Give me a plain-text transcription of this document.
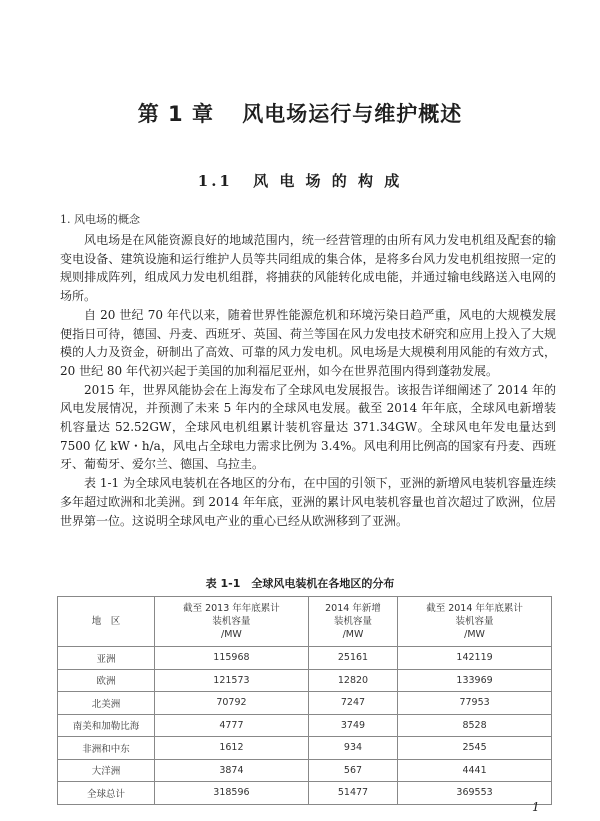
第 1 章 风电场运行与维护概述
1.1 风 电 场 的 构 成
1. 风电场的概念

风电场是在风能资源良好的地域范围内，统一经营管理的由所有风力发电机组及配套的输变电设备、建筑设施和运行维护人员等共同组成的集合体，是将多台风力发电机组按照一定的规则排成阵列，组成风力发电机组群，将捕获的风能转化成电能，并通过输电线路送入电网的场所。

自 20 世纪 70 年代以来，随着世界性能源危机和环境污染日趋严重，风电的大规模发展便指日可待，德国、丹麦、西班牙、英国、荷兰等国在风力发电技术研究和应用上投入了大规模的人力及资金，研制出了高效、可靠的风力发电机。风电场是大规模利用风能的有效方式，20 世纪 80 年代初兴起于美国的加利福尼亚州，如今在世界范围内得到蓬勃发展。

2015 年，世界风能协会在上海发布了全球风电发展报告。该报告详细阐述了 2014 年的风电发展情况，并预测了未来 5 年内的全球风电发展。截至 2014 年年底，全球风电新增装机容量达 52.52GW，全球风电机组累计装机容量达 371.34GW。全球风电年发电量达到 7500 亿 kW・h/a，风电占全球电力需求比例为 3.4%。风电利用比例高的国家有丹麦、西班牙、葡萄牙、爱尔兰、德国、乌拉圭。

表 1-1 为全球风电装机在各地区的分布，在中国的引领下，亚洲的新增风电装机容量连续多年超过欧洲和北美洲。到 2014 年年底，亚洲的累计风电装机容量也首次超过了欧洲，位居世界第一位。这说明全球风电产业的重心已经从欧洲移到了亚洲。

表 1-1　全球风电装机在各地区的分布
地　区	截至 2013 年年底累计
装机容量
/MW	2014 年新增
装机容量
/MW	截至 2014 年年底累计
装机容量
/MW

亚洲	115968	25161	142119
欧洲	121573	12820	133969
北美洲	70792	7247	77953
南美和加勒比海	4777	3749	8528
非洲和中东	1612	934	2545
大洋洲	3874	567	4441
全球总计	318596	51477	369553
1
